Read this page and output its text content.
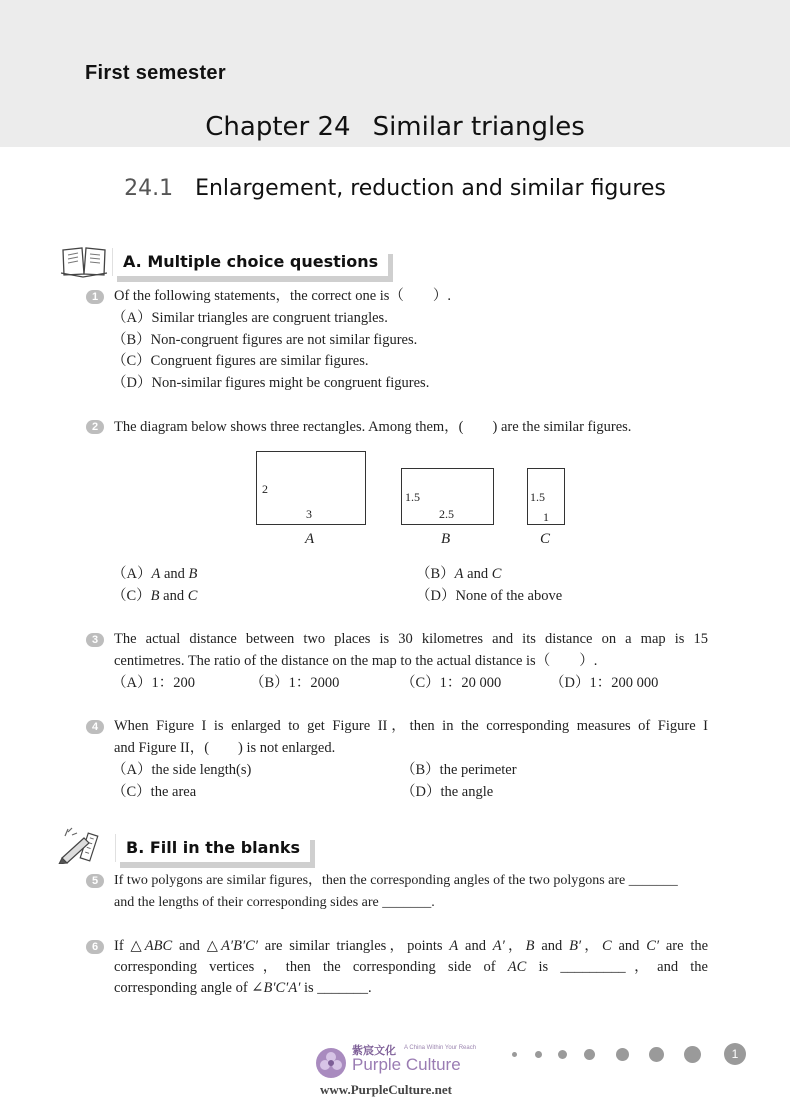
First semester
Chapter 24 Similar triangles
24.1 Enlargement, reduction and similar figures
A. Multiple choice questions
1	Of the following statements，the correct one is（　　）.
（A）Similar triangles are congruent triangles.
（B）Non-congruent figures are not similar figures.
（C）Congruent figures are similar figures.
（D）Non-similar figures might be congruent figures.
2	The diagram below shows three rectangles. Among them，(　　) are the similar figures.
2
3
A
1.5
2.5
B
1.5
1
C
（A）A and B	（B）A and C
（C）B and C	（D）None of the above
3	The actual distance between two places is 30 kilometres and its distance on a map is 15
centimetres. The ratio of the distance on the map to the actual distance is（　　）.
（A）1：200	（B）1：2000	（C）1：20 000	（D）1：200 000
4	When Figure I is enlarged to get Figure II，then in the corresponding measures of Figure I
and Figure II，(　　) is not enlarged.
（A）the side length(s)	（B）the perimeter
（C）the area	（D）the angle
B. Fill in the blanks
5	If two polygons are similar figures，then the corresponding angles of the two polygons are _______
and the lengths of their corresponding sides are _______.
6	If △ABC and △A′B′C′ are similar triangles，points A and A′，B and B′，C and C′ are the
corresponding vertices，then the corresponding side of AC is _________，and the
corresponding angle of ∠B′C′A′ is _______.
紫宸文化 A China Within Your Reach
Purple Culture
www.PurpleCulture.net
1
